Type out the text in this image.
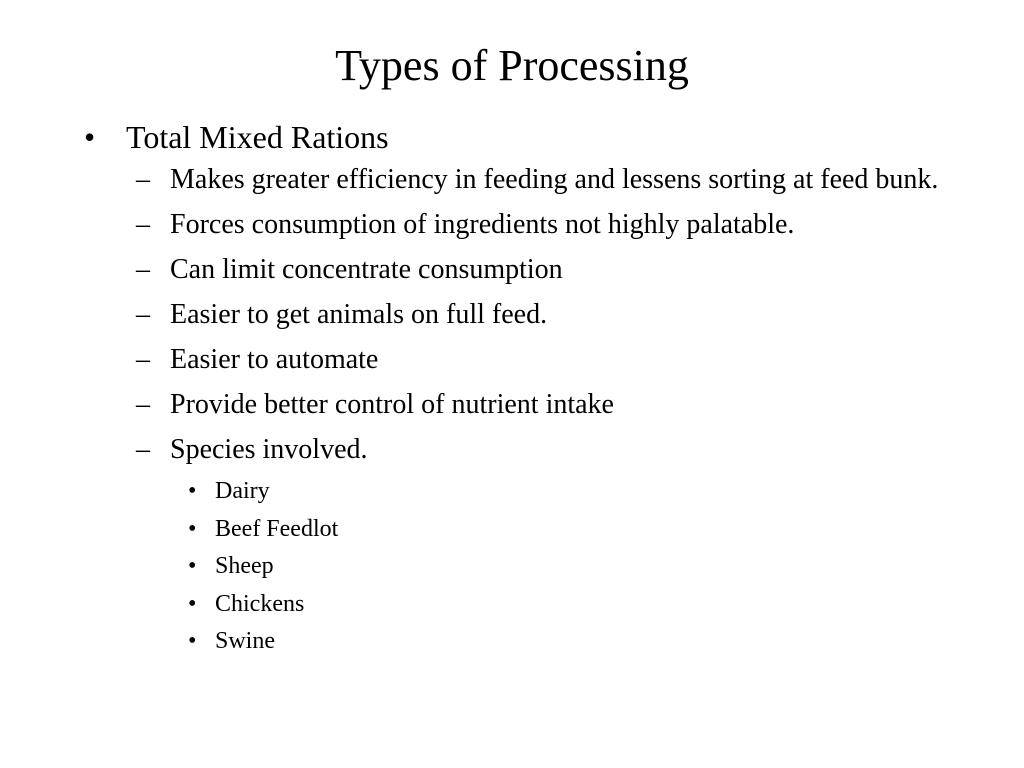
Types of Processing
• Total Mixed Rations
– Makes greater efficiency in feeding and lessens sorting at feed bunk.
– Forces consumption of ingredients not highly palatable.
– Can limit concentrate consumption
– Easier to get animals on full feed.
– Easier to automate
– Provide better control of nutrient intake
– Species involved.
• Dairy
• Beef Feedlot
• Sheep
• Chickens
• Swine
